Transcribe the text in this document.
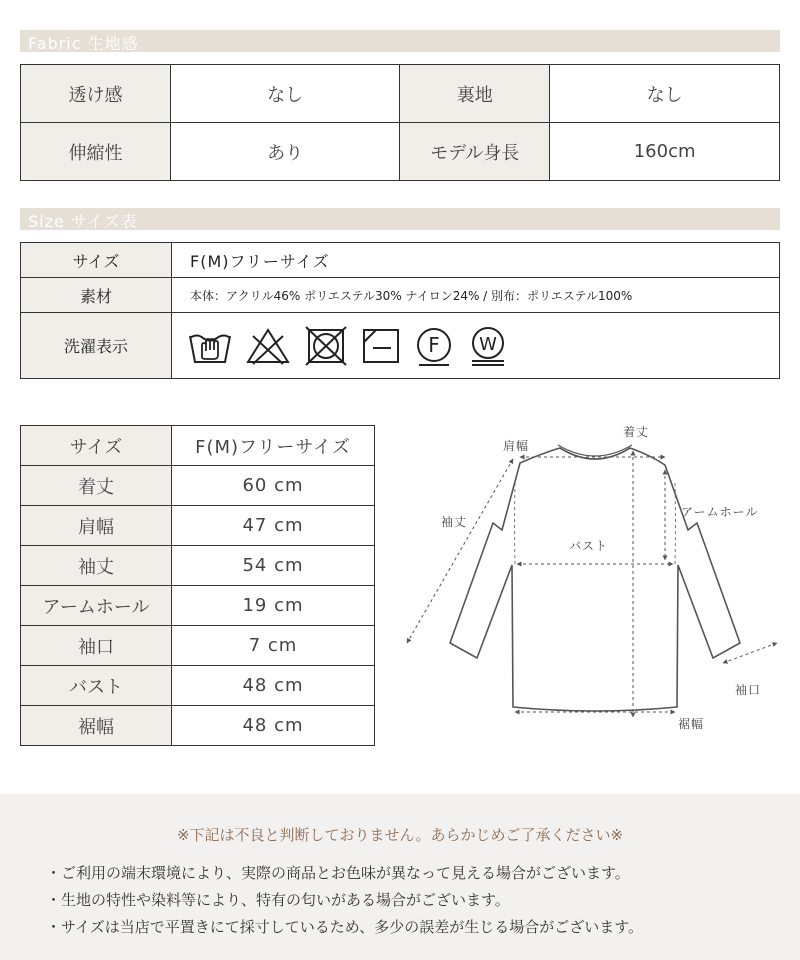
Fabric 生地感
透け感	なし	裏地	なし
伸縮性	あり	モデル身長	160cm
Size サイズ表
サイズ	F(M)フリーサイズ
素材	本体：アクリル46% ポリエステル30% ナイロン24% / 別布：ポリエステル100%
洗濯表示	F W
サイズ	F(M)フリーサイズ
着丈	60 cm
肩幅	47 cm
袖丈	54 cm
アームホール	19 cm
袖口	7 cm
バスト	48 cm
裾幅	48 cm
肩幅
着丈
袖丈
アームホール
バスト
袖口
裾幅
※下記は不良と判断しておりません。あらかじめご了承ください※
・ご利用の端末環境により、実際の商品とお色味が異なって見える場合がございます。
・生地の特性や染料等により、特有の匂いがある場合がございます。
・サイズは当店で平置きにて採寸しているため、多少の誤差が生じる場合がございます。
